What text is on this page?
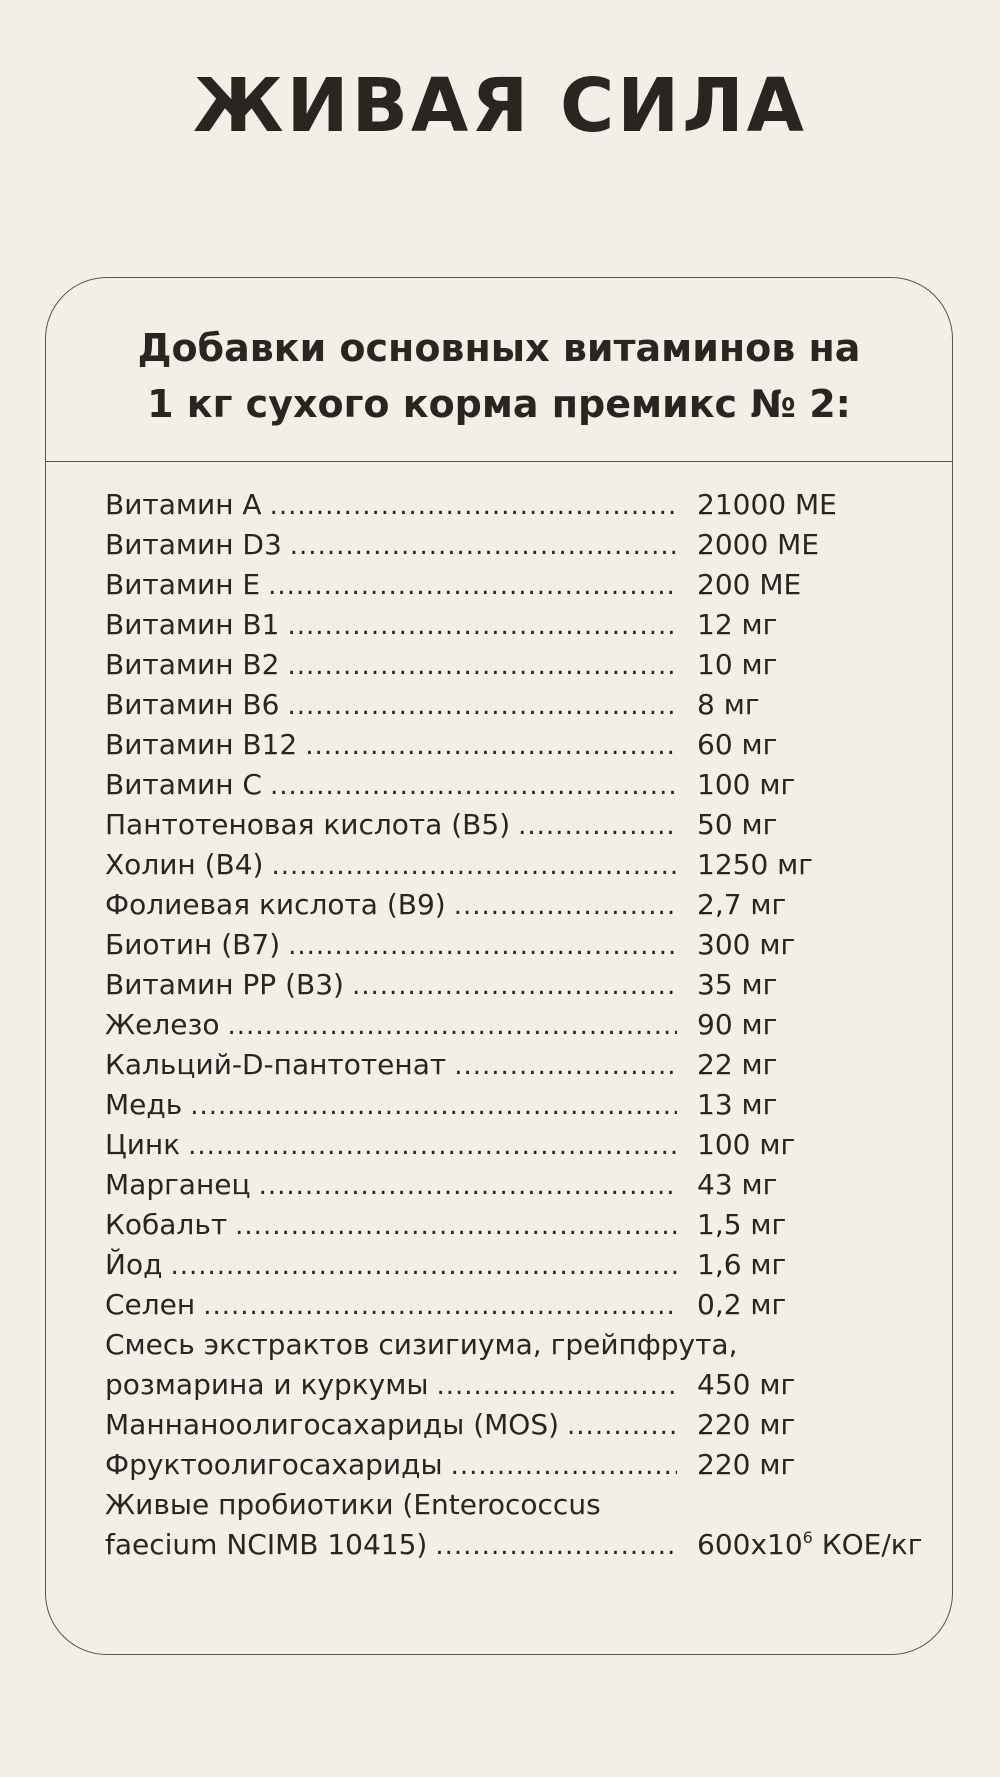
ЖИВАЯ СИЛА
Добавки основных витаминов на
1 кг сухого корма премикс № 2:
Витамин А .....	21000 МЕ
Витамин D3 .....	2000 МЕ
Витамин Е .....	200 МЕ
Витамин В1 .....	12 мг
Витамин В2 .....	10 мг
Витамин В6 .....	8 мг
Витамин В12 .....	60 мг
Витамин С .....	100 мг
Пантотеновая кислота (В5) .....	50 мг
Холин (В4) .....	1250 мг
Фолиевая кислота (В9) .....	2,7 мг
Биотин (В7) .....	300 мг
Витамин РР (В3) .....	35 мг
Железо .....	90 мг
Кальций-D-пантотенат .....	22 мг
Медь .....	13 мг
Цинк .....	100 мг
Марганец .....	43 мг
Кобальт .....	1,5 мг
Йод .....	1,6 мг
Селен .....	0,2 мг
Смесь экстрактов сизигиума, грейпфрута,
розмарина и куркумы .....	450 мг
Маннаноолигосахариды (MOS) .....	220 мг
Фруктоолигосахариды .....	220 мг
Живые пробиотики (Enterococcus
faecium NCIMB 10415) .....	$600x10^6$ КОЕ/кг
